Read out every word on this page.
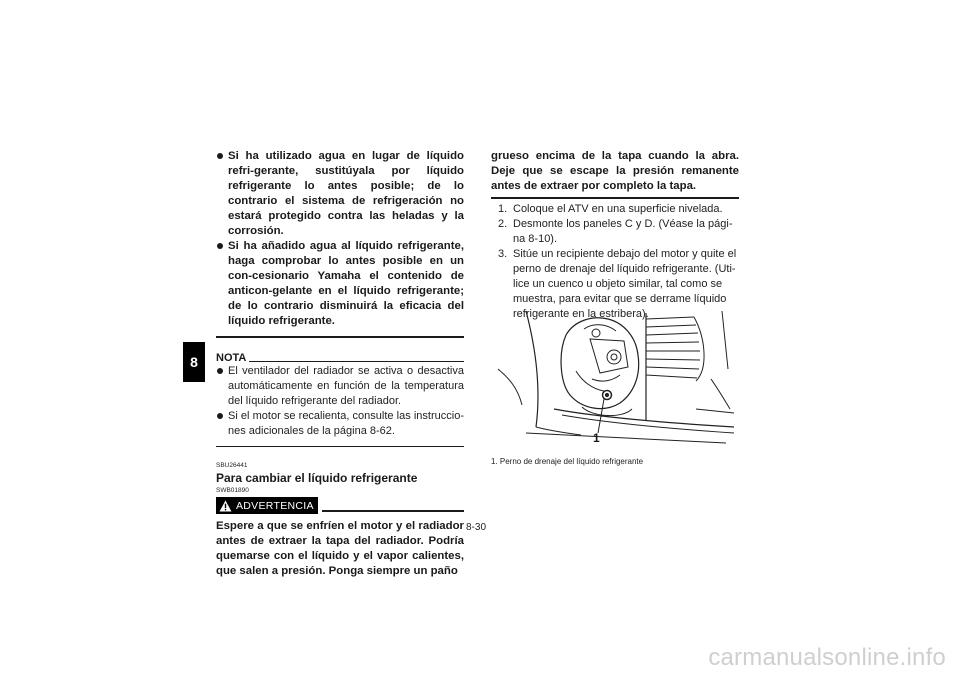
8

Si ha utilizado agua en lugar de líquido refri-gerante, sustitúyala por líquido refrigerante lo antes posible; de lo contrario el sistema de refrigeración no estará protegido contra las heladas y la corrosión.

Si ha añadido agua al líquido refrigerante, haga comprobar lo antes posible en un con-cesionario Yamaha el contenido de anticon-gelante en el líquido refrigerante; de lo contrario disminuirá la eficacia del líquido refrigerante.

NOTA

El ventilador del radiador se activa o desactiva automáticamente en función de la temperatura del líquido refrigerante del radiador.

Si el motor se recalienta, consulte las instruccio-nes adicionales de la página 8-62.

SBU26441
Para cambiar el líquido refrigerante
SWB01890
ADVERTENCIA

Espere a que se enfríen el motor y el radiador antes de extraer la tapa del radiador. Podría quemarse con el líquido y el vapor calientes, que salen a presión. Ponga siempre un paño

grueso encima de la tapa cuando la abra. Deje que se escape la presión remanente antes de extraer por completo la tapa.

1. Coloque el ATV en una superficie nivelada.
2. Desmonte los paneles C y D. (Véase la pági-na 8-10).
3. Sitúe un recipiente debajo del motor y quite el perno de drenaje del líquido refrigerante. (Uti-lice un cuenco u objeto similar, tal como se muestra, para evitar que se derrame líquido refrigerante en la estribera).
1
1. Perno de drenaje del líquido refrigerante
8-30
carmanualsonline.info
